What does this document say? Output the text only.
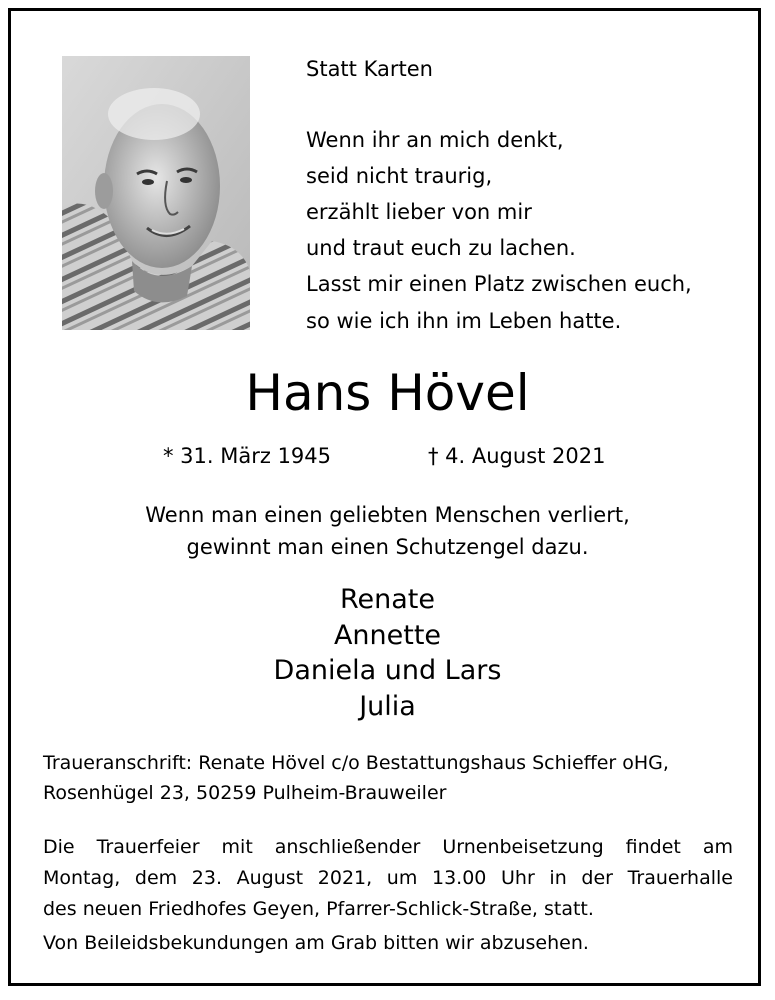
Statt Karten
Wenn ihr an mich denkt,
seid nicht traurig,
erzählt lieber von mir
und traut euch zu lachen.
Lasst mir einen Platz zwischen euch,
so wie ich ihn im Leben hatte.
Hans Hövel
* 31. März 1945	† 4. August 2021
Wenn man einen geliebten Menschen verliert,
gewinnt man einen Schutzengel dazu.
Renate
Annette
Daniela und Lars
Julia
Traueranschrift: Renate Hövel c/o Bestattungshaus Schieffer oHG,
Rosenhügel 23, 50259 Pulheim-Brauweiler
Die Trauerfeier mit anschließender Urnenbeisetzung findet am
Montag, dem 23. August 2021, um 13.00 Uhr in der Trauerhalle
des neuen Friedhofes Geyen, Pfarrer-Schlick-Straße, statt.
Von Beileidsbekundungen am Grab bitten wir abzusehen.
